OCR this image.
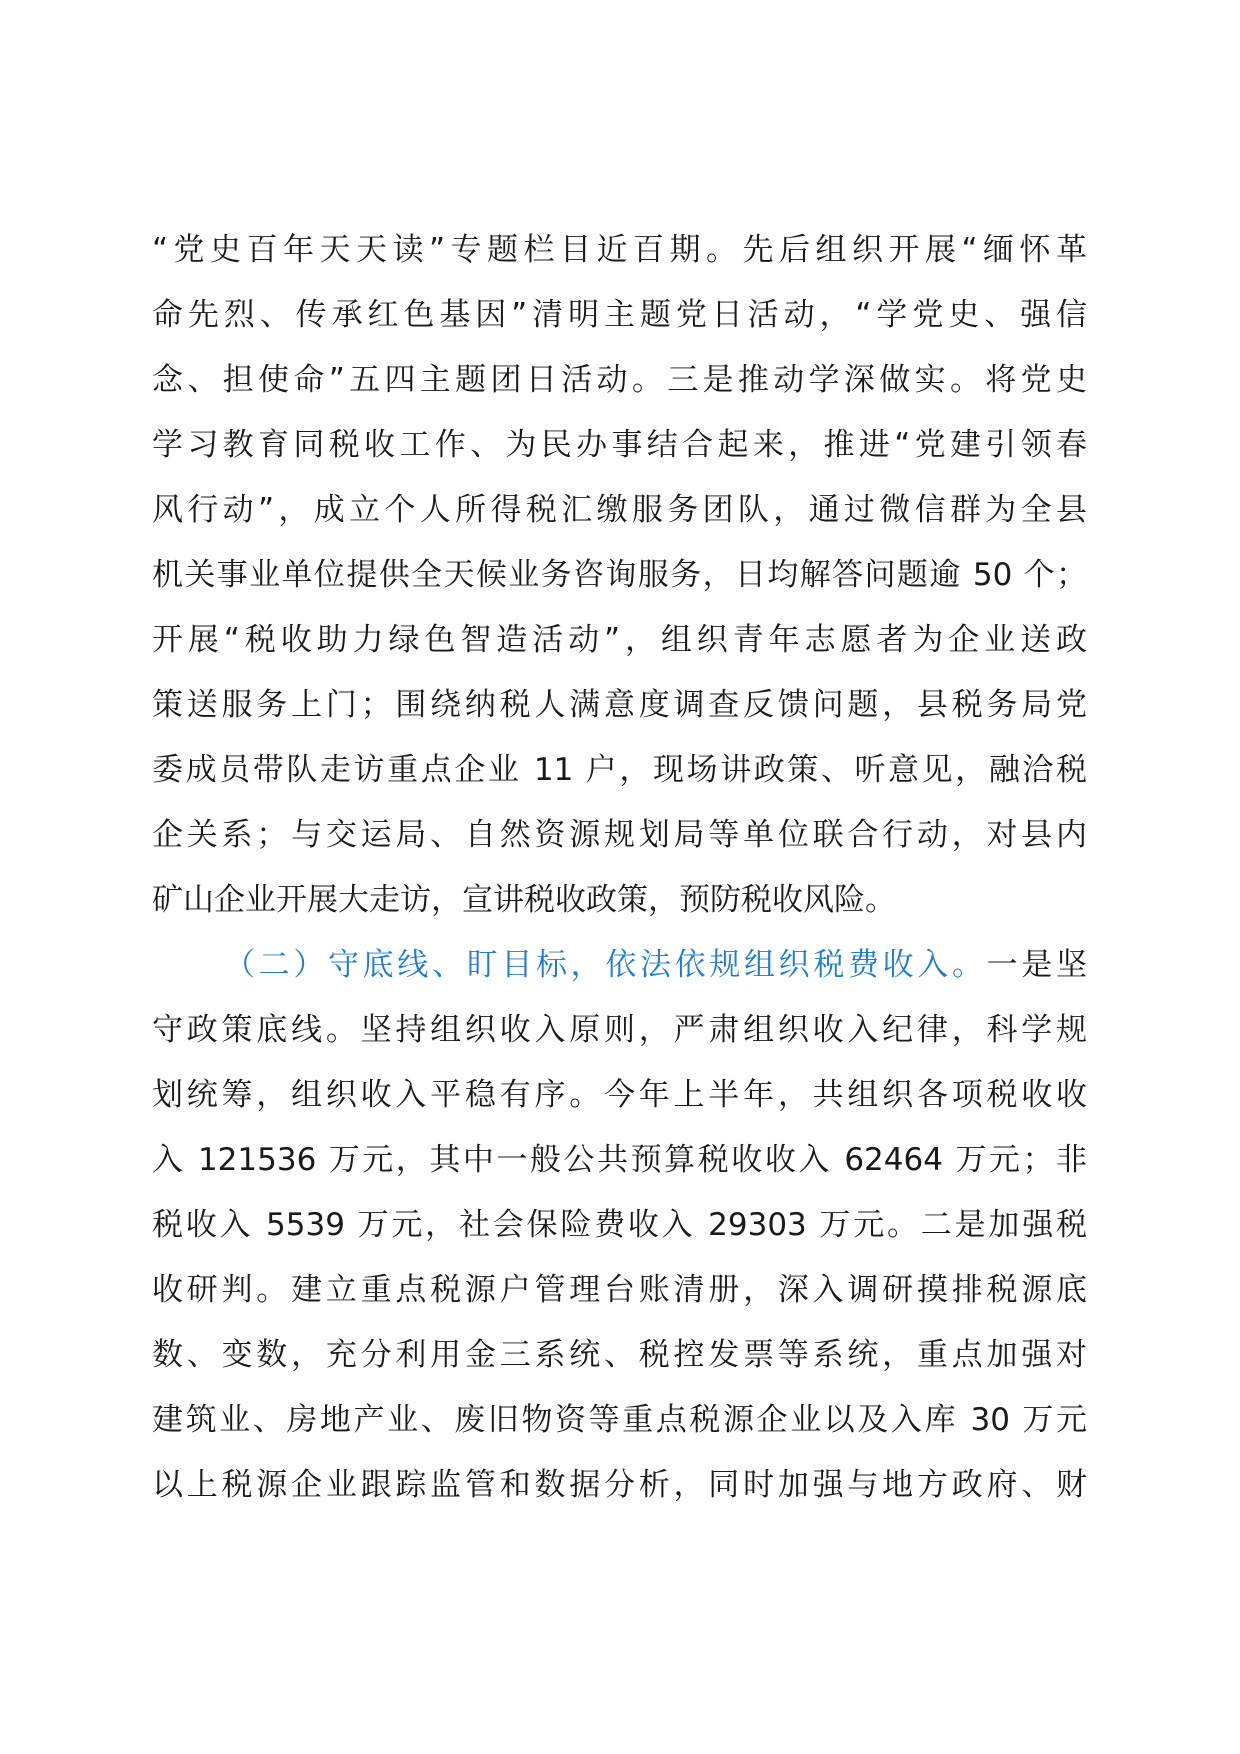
“党史百年天天读”专题栏目近百期。先后组织开展“缅怀革
命先烈、传承红色基因”清明主题党日活动，“学党史、强信
念、担使命”五四主题团日活动。三是推动学深做实。将党史
学习教育同税收工作、为民办事结合起来，推进“党建引领春
风行动”，成立个人所得税汇缴服务团队，通过微信群为全县
机关事业单位提供全天候业务咨询服务，日均解答问题逾 50 个；
开展“税收助力绿色智造活动”，组织青年志愿者为企业送政
策送服务上门；围绕纳税人满意度调查反馈问题，县税务局党
委成员带队走访重点企业 11 户，现场讲政策、听意见，融洽税
企关系；与交运局、自然资源规划局等单位联合行动，对县内
矿山企业开展大走访，宣讲税收政策，预防税收风险。
（二）守底线、盯目标，依法依规组织税费收入。一是坚
守政策底线。坚持组织收入原则，严肃组织收入纪律，科学规
划统筹，组织收入平稳有序。今年上半年，共组织各项税收收
入 121536 万元，其中一般公共预算税收收入 62464 万元；非
税收入 5539 万元，社会保险费收入 29303 万元。二是加强税
收研判。建立重点税源户管理台账清册，深入调研摸排税源底
数、变数，充分利用金三系统、税控发票等系统，重点加强对
建筑业、房地产业、废旧物资等重点税源企业以及入库 30 万元
以上税源企业跟踪监管和数据分析，同时加强与地方政府、财
